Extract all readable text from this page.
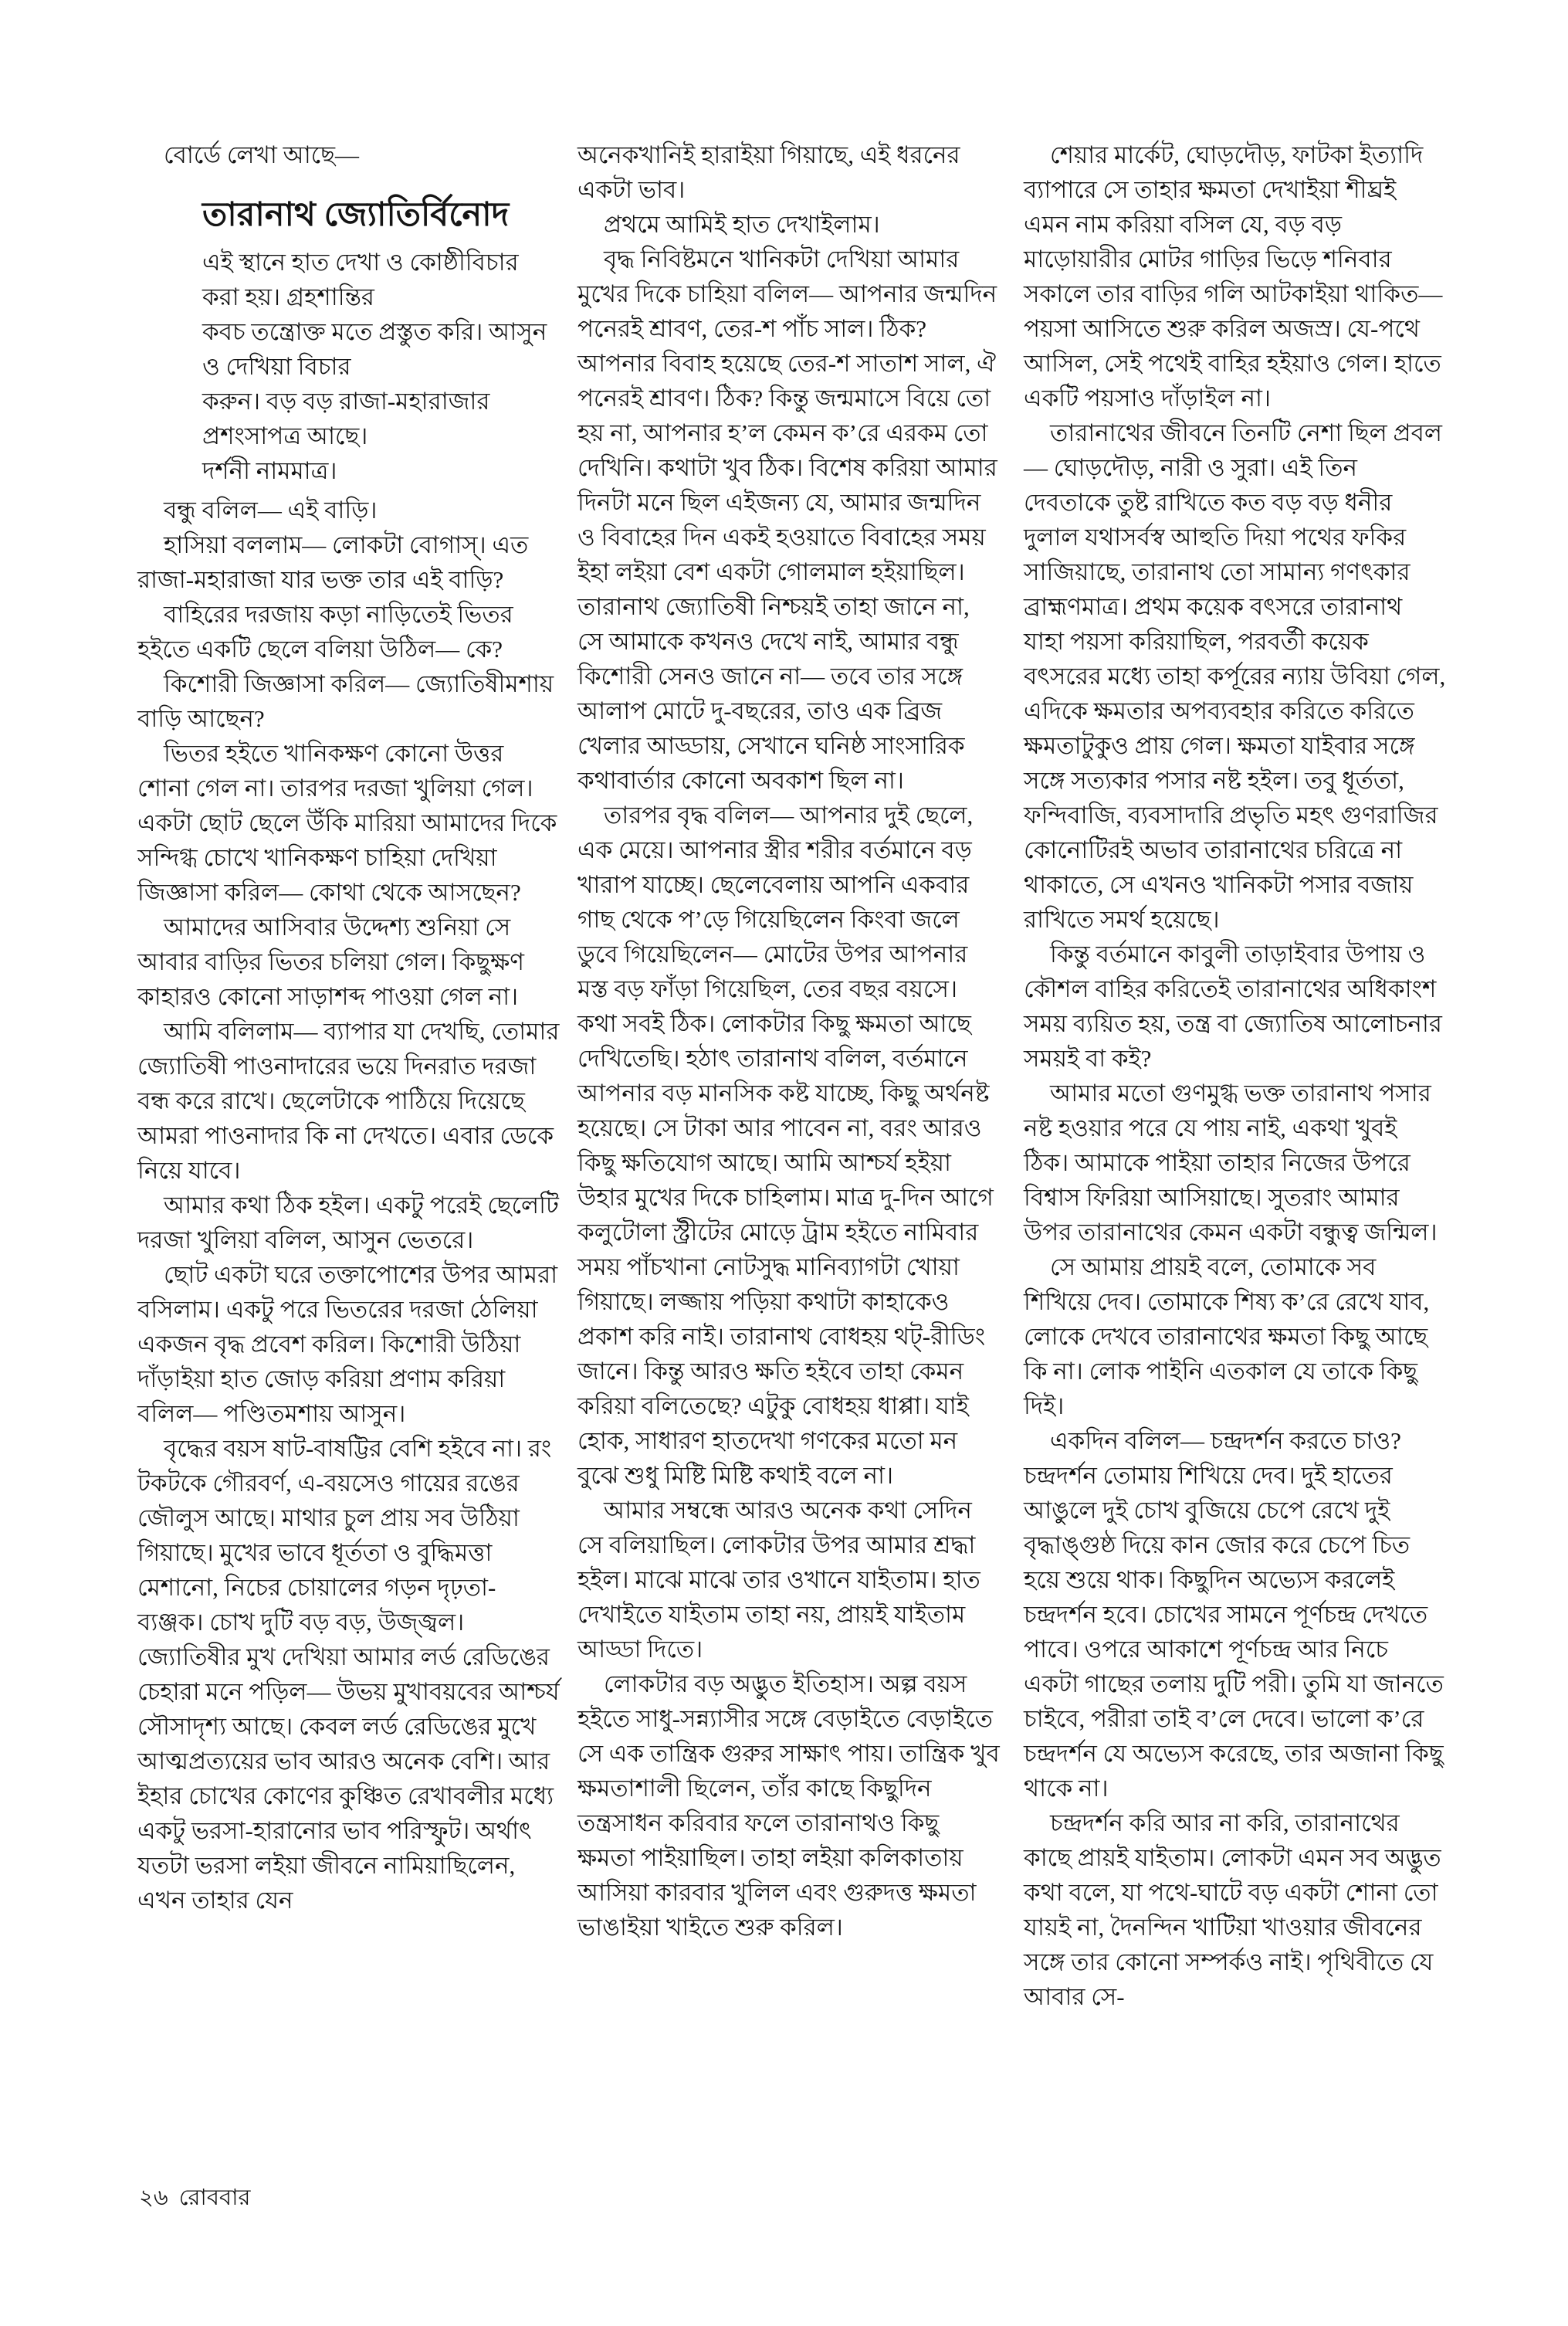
বোর্ডে লেখা আছে—

তারানাথ জ্যোতির্বিনোদ

এই স্থানে হাত দেখা ও কোষ্ঠীবিচার

করা হয়। গ্রহশান্তির

কবচ তন্ত্রোক্ত মতে প্রস্তুত করি। আসুন

ও দেখিয়া বিচার

করুন। বড় বড় রাজা-মহারাজার

প্রশংসাপত্র আছে।

দর্শনী নামমাত্র।

বন্ধু বলিল— এই বাড়ি।

হাসিয়া বললাম— লোকটা বোগাস্‌। এত রাজা-মহারাজা যার ভক্ত তার এই বাড়ি?

বাহিরের দরজায় কড়া নাড়িতেই ভিতর হইতে একটি ছেলে বলিয়া উঠিল— কে?

কিশোরী জিজ্ঞাসা করিল— জ্যোতিষীমশায় বাড়ি আছেন?

ভিতর হইতে খানিকক্ষণ কোনো উত্তর শোনা গেল না। তারপর দরজা খুলিয়া গেল। একটা ছোট ছেলে উঁকি মারিয়া আমাদের দিকে সন্দিগ্ধ চোখে খানিকক্ষণ চাহিয়া দেখিয়া জিজ্ঞাসা করিল— কোথা থেকে আসছেন?

আমাদের আসিবার উদ্দেশ্য শুনিয়া সে আবার বাড়ির ভিতর চলিয়া গেল। কিছুক্ষণ কাহারও কোনো সাড়াশব্দ পাওয়া গেল না।

আমি বলিলাম— ব্যাপার যা দেখছি, তোমার জ্যোতিষী পাওনাদারের ভয়ে দিনরাত দরজা বন্ধ করে রাখে। ছেলেটাকে পাঠিয়ে দিয়েছে আমরা পাওনাদার কি না দেখতে। এবার ডেকে নিয়ে যাবে।

আমার কথা ঠিক হইল। একটু পরেই ছেলেটি দরজা খুলিয়া বলিল, আসুন ভেতরে।

ছোট একটা ঘরে তক্তাপোশের উপর আমরা বসিলাম। একটু পরে ভিতরের দরজা ঠেলিয়া একজন বৃদ্ধ প্রবেশ করিল। কিশোরী উঠিয়া দাঁড়াইয়া হাত জোড় করিয়া প্রণাম করিয়া বলিল— পণ্ডিতমশায় আসুন।

বৃদ্ধের বয়স ষাট-বাষট্টির বেশি হইবে না। রং টকটকে গৌরবর্ণ, এ-বয়সেও গায়ের রঙের জৌলুস আছে। মাথার চুল প্রায় সব উঠিয়া গিয়াছে। মুখের ভাবে ধূর্ততা ও বুদ্ধিমত্তা মেশানো, নিচের চোয়ালের গড়ন দৃঢ়তা-ব্যঞ্জক। চোখ দুটি বড় বড়, উজ্জ্বল। জ্যোতিষীর মুখ দেখিয়া আমার লর্ড রেডিঙের চেহারা মনে পড়িল— উভয় মুখাবয়বের আশ্চর্য সৌসাদৃশ্য আছে। কেবল লর্ড রেডিঙের মুখে আত্মপ্রত্যয়ের ভাব আরও অনেক বেশি। আর ইহার চোখের কোণের কুঞ্চিত রেখাবলীর মধ্যে একটু ভরসা-হারানোর ভাব পরিস্ফুট। অর্থাৎ যতটা ভরসা লইয়া জীবনে নামিয়াছিলেন, এখন তাহার যেন

অনেকখানিই হারাইয়া গিয়াছে, এই ধরনের একটা ভাব।

প্রথমে আমিই হাত দেখাইলাম।

বৃদ্ধ নিবিষ্টমনে খানিকটা দেখিয়া আমার মুখের দিকে চাহিয়া বলিল— আপনার জন্মদিন পনেরই শ্রাবণ, তের-শ পাঁচ সাল। ঠিক? আপনার বিবাহ হয়েছে তের-শ সাতাশ সাল, ঐ পনেরই শ্রাবণ। ঠিক? কিন্তু জন্মমাসে বিয়ে তো হয় না, আপনার হ’ল কেমন ক’রে এরকম তো দেখিনি। কথাটা খুব ঠিক। বিশেষ করিয়া আমার দিনটা মনে ছিল এইজন্য যে, আমার জন্মদিন ও বিবাহের দিন একই হওয়াতে বিবাহের সময় ইহা লইয়া বেশ একটা গোলমাল হইয়াছিল। তারানাথ জ্যোতিষী নিশ্চয়ই তাহা জানে না, সে আমাকে কখনও দেখে নাই, আমার বন্ধু কিশোরী সেনও জানে না— তবে তার সঙ্গে আলাপ মোটে দু-বছরের, তাও এক ব্রিজ খেলার আড্ডায়, সেখানে ঘনিষ্ঠ সাংসারিক কথাবার্তার কোনো অবকাশ ছিল না।

তারপর বৃদ্ধ বলিল— আপনার দুই ছেলে, এক মেয়ে। আপনার স্ত্রীর শরীর বর্তমানে বড় খারাপ যাচ্ছে। ছেলেবেলায় আপনি একবার গাছ থেকে প’ড়ে গিয়েছিলেন কিংবা জলে ডুবে গিয়েছিলেন— মোটের উপর আপনার মস্ত বড় ফাঁড়া গিয়েছিল, তের বছর বয়সে। কথা সবই ঠিক। লোকটার কিছু ক্ষমতা আছে দেখিতেছি। হঠাৎ তারানাথ বলিল, বর্তমানে আপনার বড় মানসিক কষ্ট যাচ্ছে, কিছু অর্থনষ্ট হয়েছে। সে টাকা আর পাবেন না, বরং আরও কিছু ক্ষতিযোগ আছে। আমি আশ্চর্য হইয়া উহার মুখের দিকে চাহিলাম। মাত্র দু-দিন আগে কলুটোলা স্ট্রীটের মোড়ে ট্রাম হইতে নামিবার সময় পাঁচখানা নোটসুদ্ধ মানিব্যাগটা খোয়া গিয়াছে। লজ্জায় পড়িয়া কথাটা কাহাকেও প্রকাশ করি নাই। তারানাথ বোধহয় থট্‌-রীডিং জানে। কিন্তু আরও ক্ষতি হইবে তাহা কেমন করিয়া বলিতেছে? এটুকু বোধহয় ধাপ্পা। যাই হোক, সাধারণ হাতদেখা গণকের মতো মন বুঝে শুধু মিষ্টি মিষ্টি কথাই বলে না।

আমার সম্বন্ধে আরও অনেক কথা সেদিন সে বলিয়াছিল। লোকটার উপর আমার শ্রদ্ধা হইল। মাঝে মাঝে তার ওখানে যাইতাম। হাত দেখাইতে যাইতাম তাহা নয়, প্রায়ই যাইতাম আড্ডা দিতে।

লোকটার বড় অদ্ভুত ইতিহাস। অল্প বয়স হইতে সাধু-সন্ন্যাসীর সঙ্গে বেড়াইতে বেড়াইতে সে এক তান্ত্রিক গুরুর সাক্ষাৎ পায়। তান্ত্রিক খুব ক্ষমতাশালী ছিলেন, তাঁর কাছে কিছুদিন তন্ত্রসাধন করিবার ফলে তারানাথও কিছু ক্ষমতা পাইয়াছিল। তাহা লইয়া কলিকাতায় আসিয়া কারবার খুলিল এবং গুরুদত্ত ক্ষমতা ভাঙাইয়া খাইতে শুরু করিল।

শেয়ার মার্কেট, ঘোড়দৌড়, ফাটকা ইত্যাদি ব্যাপারে সে তাহার ক্ষমতা দেখাইয়া শীঘ্রই এমন নাম করিয়া বসিল যে, বড় বড় মাড়োয়ারীর মোটর গাড়ির ভিড়ে শনিবার সকালে তার বাড়ির গলি আটকাইয়া থাকিত— পয়সা আসিতে শুরু করিল অজস্র। যে-পথে আসিল, সেই পথেই বাহির হইয়াও গেল। হাতে একটি পয়সাও দাঁড়াইল না।

তারানাথের জীবনে তিনটি নেশা ছিল প্রবল— ঘোড়দৌড়, নারী ও সুরা। এই তিন দেবতাকে তুষ্ট রাখিতে কত বড় বড় ধনীর দুলাল যথাসর্বস্ব আহুতি দিয়া পথের ফকির সাজিয়াছে, তারানাথ তো সামান্য গণৎকার ব্রাহ্মণমাত্র। প্রথম কয়েক বৎসরে তারানাথ যাহা পয়সা করিয়াছিল, পরবর্তী কয়েক বৎসরের মধ্যে তাহা কর্পূরের ন্যায় উবিয়া গেল, এদিকে ক্ষমতার অপব্যবহার করিতে করিতে ক্ষমতাটুকুও প্রায় গেল। ক্ষমতা যাইবার সঙ্গে সঙ্গে সত্যকার পসার নষ্ট হইল। তবু ধূর্ততা, ফন্দিবাজি, ব্যবসাদারি প্রভৃতি মহৎ গুণরাজির কোনোটিরই অভাব তারানাথের চরিত্রে না থাকাতে, সে এখনও খানিকটা পসার বজায় রাখিতে সমর্থ হয়েছে।

কিন্তু বর্তমানে কাবুলী তাড়াইবার উপায় ও কৌশল বাহির করিতেই তারানাথের অধিকাংশ সময় ব্যয়িত হয়, তন্ত্র বা জ্যোতিষ আলোচনার সময়ই বা কই?

আমার মতো গুণমুগ্ধ ভক্ত তারানাথ পসার নষ্ট হওয়ার পরে যে পায় নাই, একথা খুবই ঠিক। আমাকে পাইয়া তাহার নিজের উপরে বিশ্বাস ফিরিয়া আসিয়াছে। সুতরাং আমার উপর তারানাথের কেমন একটা বন্ধুত্ব জন্মিল।

সে আমায় প্রায়ই বলে, তোমাকে সব শিখিয়ে দেব। তোমাকে শিষ্য ক’রে রেখে যাব, লোকে দেখবে তারানাথের ক্ষমতা কিছু আছে কি না। লোক পাইনি এতকাল যে তাকে কিছু দিই।

একদিন বলিল— চন্দ্রদর্শন করতে চাও? চন্দ্রদর্শন তোমায় শিখিয়ে দেব। দুই হাতের আঙুলে দুই চোখ বুজিয়ে চেপে রেখে দুই বৃদ্ধাঙ্গুষ্ঠ দিয়ে কান জোর করে চেপে চিত হয়ে শুয়ে থাক। কিছুদিন অভ্যেস করলেই চন্দ্রদর্শন হবে। চোখের সামনে পূর্ণচন্দ্র দেখতে পাবে। ওপরে আকাশে পূর্ণচন্দ্র আর নিচে একটা গাছের তলায় দুটি পরী। তুমি যা জানতে চাইবে, পরীরা তাই ব’লে দেবে। ভালো ক’রে চন্দ্রদর্শন যে অভ্যেস করেছে, তার অজানা কিছু থাকে না।

চন্দ্রদর্শন করি আর না করি, তারানাথের কাছে প্রায়ই যাইতাম। লোকটা এমন সব অদ্ভুত কথা বলে, যা পথে-ঘাটে বড় একটা শোনা তো যায়ই না, দৈনন্দিন খাটিয়া খাওয়ার জীবনের সঙ্গে তার কোনো সম্পর্কও নাই। পৃথিবীতে যে আবার সে-

২৬ রোববার
